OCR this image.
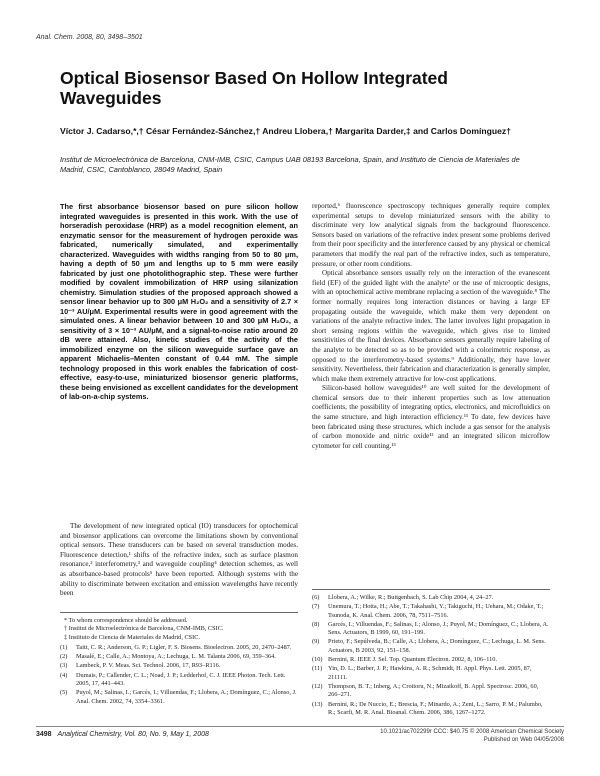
Anal. Chem. 2008, 80, 3498–3501
Optical Biosensor Based On Hollow Integrated Waveguides
Víctor J. Cadarso,*,† César Fernández-Sánchez,† Andreu Llobera,† Margarita Darder,‡ and Carlos Domínguez†
Institut de Microelectrònica de Barcelona, CNM-IMB, CSIC, Campus UAB 08193 Barcelona, Spain, and Instituto de Ciencia de Materiales de Madrid, CSIC, Cantoblanco, 28049 Madrid, Spain

The first absorbance biosensor based on pure silicon hollow integrated waveguides is presented in this work. With the use of horseradish peroxidase (HRP) as a model recognition element, an enzymatic sensor for the measurement of hydrogen peroxide was fabricated, numerically simulated, and experimentally characterized. Waveguides with widths ranging from 50 to 80 μm, having a depth of 50 μm and lengths up to 5 mm were easily fabricated by just one photolithographic step. These were further modified by covalent immobilization of HRP using silanization chemistry. Simulation studies of the proposed approach showed a sensor linear behavior up to 300 μM H₂O₂ and a sensitivity of 2.7 × 10⁻³ AU/μM. Experimental results were in good agreement with the simulated ones. A linear behavior between 10 and 300 μM H₂O₂, a sensitivity of 3 × 10⁻³ AU/μM, and a signal-to-noise ratio around 20 dB were attained. Also, kinetic studies of the activity of the immobilized enzyme on the silicon waveguide surface gave an apparent Michaelis–Menten constant of 0.44 mM. The simple technology proposed in this work enables the fabrication of cost-effective, easy-to-use, miniaturized biosensor generic platforms, these being envisioned as excellent candidates for the development of lab-on-a-chip systems.

The development of new integrated optical (IO) transducers for optochemical and biosensor applications can overcome the limitations shown by conventional optical sensors. These transducers can be based on several transduction modes. Fluorescence detection,¹ shifts of the refractive index, such as surface plasmon resonance,² interferometry,³ and waveguide coupling⁴ detection schemes, as well as absorbance-based protocols⁵ have been reported. Although systems with the ability to discriminate between excitation and emission wavelengths have recently been

reported,⁶ fluorescence spectroscopy techniques generally require complex experimental setups to develop miniaturized sensors with the ability to discriminate very low analytical signals from the background fluorescence. Sensors based on variations of the refractive index present some problems derived from their poor specificity and the interference caused by any physical or chemical parameters that modify the real part of the refractive index, such as temperature, pressure, or other room conditions.

Optical absorbance sensors usually rely on the interaction of the evanescent field (EF) of the guided light with the analyte⁷ or the use of microoptic designs, with an optochemical active membrane replacing a section of the waveguide.⁸ The former normally requires long interaction distances or having a large EF propagating outside the waveguide, which make them very dependent on variations of the analyte refractive index. The latter involves light propagation in short sensing regions within the waveguide, which gives rise to limited sensitivities of the final devices. Absorbance sensors generally require labeling of the analyte to be detected so as to be provided with a colorimetric response, as opposed to the interferometry-based systems.⁹ Additionally, they have lower sensitivity. Nevertheless, their fabrication and characterization is generally simpler, which make them extremely attractive for low-cost applications.

Silicon-based hollow waveguides¹⁰ are well suited for the development of chemical sensors due to their inherent properties such as low attenuation coefficients, the possibility of integrating optics, electronics, and microfluidics on the same structure, and high interaction efficiency.¹¹ To date, few devices have been fabricated using these structures, which include a gas sensor for the analysis of carbon monoxide and nitric oxide¹² and an integrated silicon microflow cytometer for cell counting.¹³

* To whom correspondence should be addressed.
† Institut de Microelectrònica de Barcelona, CNM-IMB, CSIC.
‡ Instituto de Ciencia de Materiales de Madrid, CSIC.
(1)	Taitt, C. R.; Anderson, G. P.; Ligler, F. S. Biosens. Bioelectron. 2005, 20, 2470–2487.
(2)	Masalé, E.; Calle, A.; Montoya, A.; Lechuga, L. M. Talanta 2006, 69, 359–364.
(3)	Lambeck, P. V. Meas. Sci. Technol. 2006, 17, R93–R116.
(4)	Dumais, P.; Callender, C. L.; Noad, J. P.; Ledderhof, C. J. IEEE Photon. Tech. Lett. 2005, 17, 441–443.
(5)	Puyol, M.; Salinas, I.; Garcés, I.; Villuendas, F.; Llobera, A.; Domínguez, C.; Alonso, J. Anal. Chem. 2002, 74, 3354–3361.
(6)	Llobera, A.; Wilke, R.; Buttgenbach, S. Lab Chip 2004, 4, 24–27.
(7)	Unemura, T.; Hotta, H.; Abe, T.; Takahashi, Y.; Takiguchi, H.; Uehara, M.; Odake, T.; Tsunoda, K. Anal. Chem. 2006, 78, 7511–7516.
(8)	Garcés, I.; Villuendas, F.; Salinas, I.; Alonso, J.; Puyol, M.; Domínguez, C.; Llobera, A. Sens. Actuators, B 1999, 60, 191–199.
(9)	Prieto, F.; Sepúlveda, B.; Calle, A.; Llobera, A.; Domínguez, C.; Lechuga, L. M. Sens. Actuators, B 2003, 92, 151–158.
(10) Bernini, R. IEEE J. Sel. Top. Quantum Electron. 2002, 8, 106–110.
(11) Yin, D. L.; Barber, J. P.; Hawkins, A. R.; Schmidt, H. Appl. Phys. Lett. 2005, 87, 211111.
(12) Thompson, B. T.; Inberg, A.; Croitoru, N.; Mizaikoff, B. Appl. Spectrosc. 2006, 60, 266–271.
(13) Bernini, R.; De Nuccio, E.; Brescia, F.; Minardo, A.; Zeni, L.; Sarro, P. M.; Palumbo, R.; Scarfi, M. R. Anal. Bioanal. Chem. 2006, 386, 1267–1272.
3498 Analytical Chemistry, Vol. 80, No. 9, May 1, 2008	10.1021/ac702299r CCC: $40.75 © 2008 American Chemical Society
Published on Web 04/05/2008
